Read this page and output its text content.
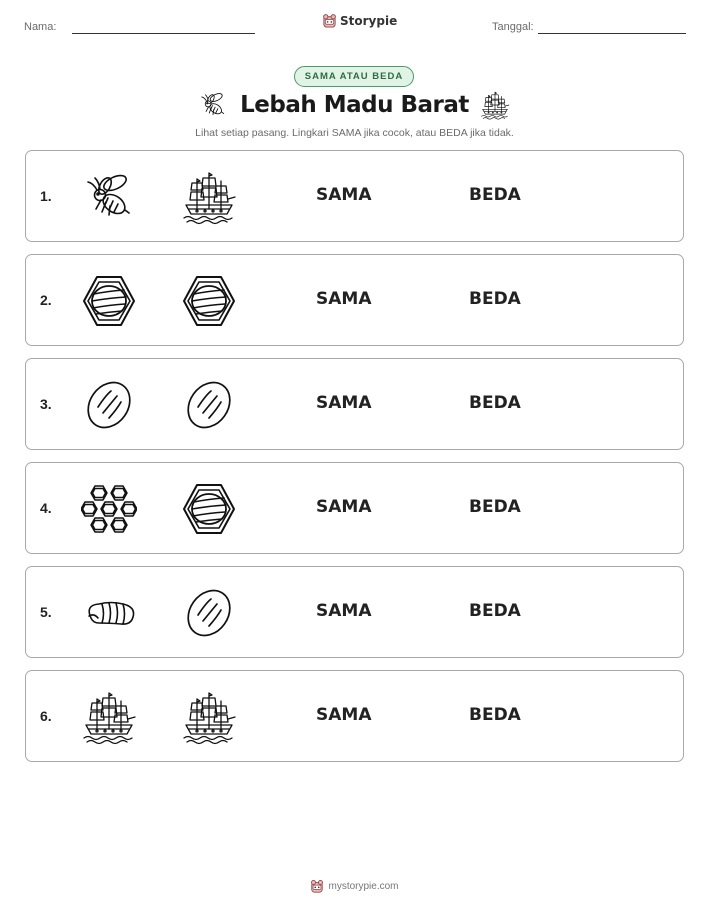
Nama:	Storypie	Tanggal:
SAMA ATAU BEDA
Lebah Madu Barat
Lihat setiap pasang. Lingkari SAMA jika cocok, atau BEDA jika tidak.
1.	SAMA	BEDA
2.	SAMA	BEDA
3.	SAMA	BEDA
4.	SAMA	BEDA
5.	SAMA	BEDA
6.	SAMA	BEDA
mystorypie.com
